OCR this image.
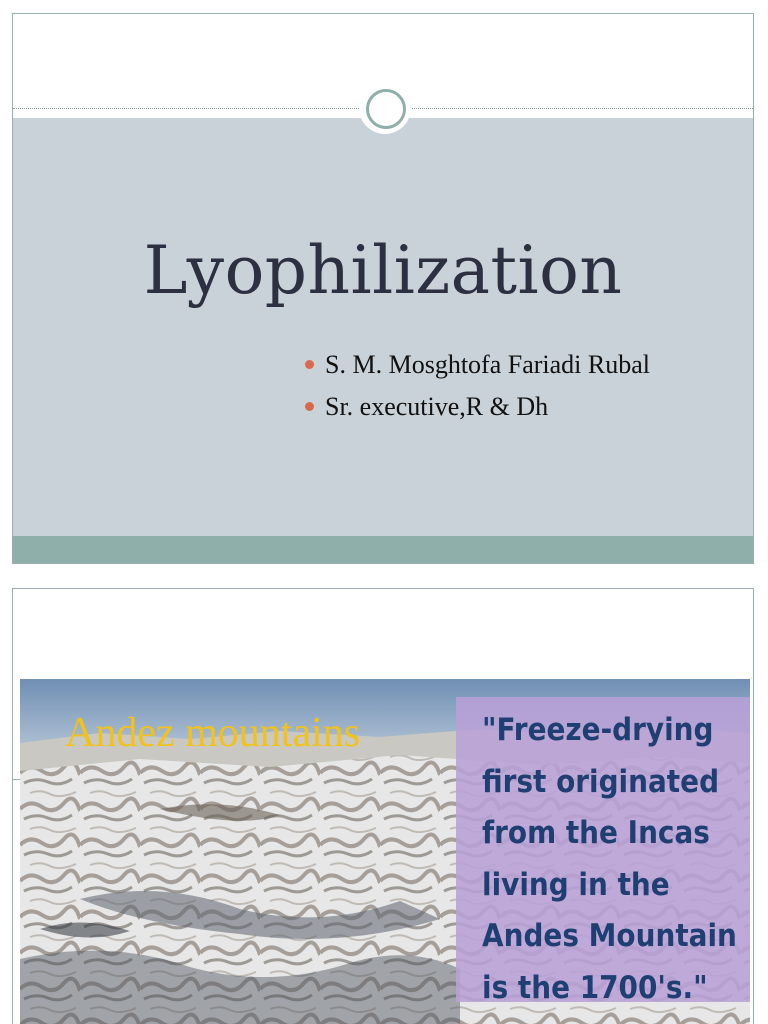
Lyophilization
S. M. Mosghtofa Fariadi Rubal
Sr. executive,R & Dh
Andez mountains	"Freeze-drying
first originated
from the Incas
living in the
Andes Mountain
is the 1700's."
